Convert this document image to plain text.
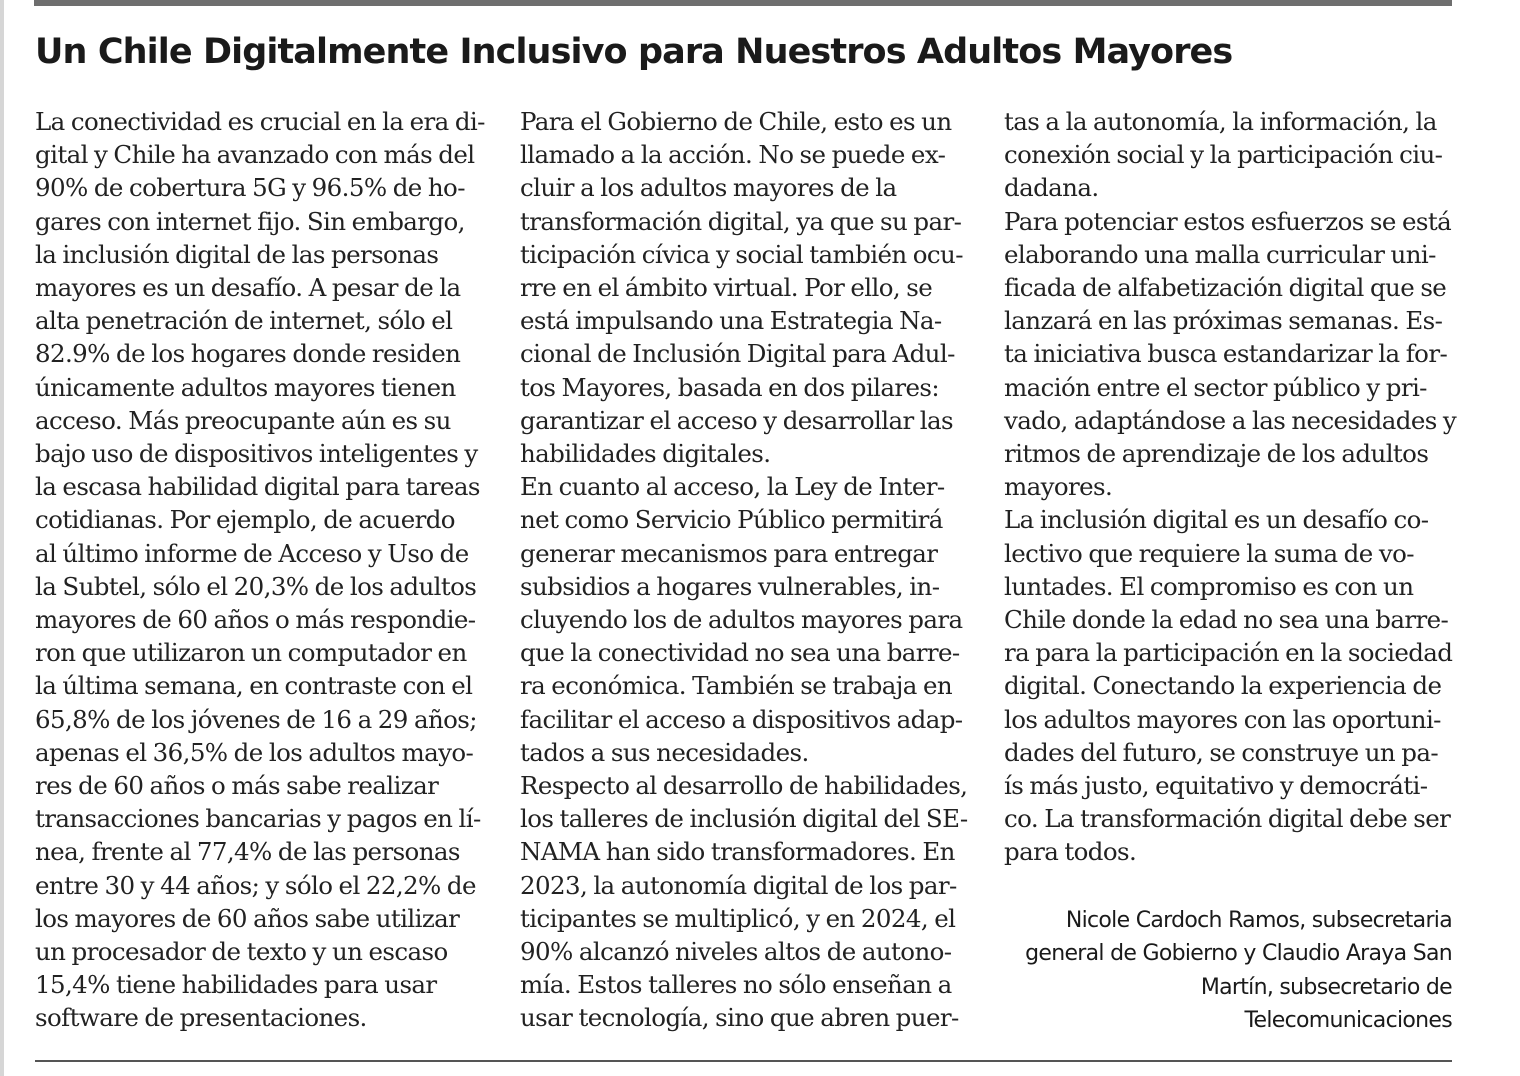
Un Chile Digitalmente Inclusivo para Nuestros Adultos Mayores

La conectividad es crucial en la era di-

gital y Chile ha avanzado con más del

90% de cobertura 5G y 96.5% de ho-

gares con internet fijo. Sin embargo,

la inclusión digital de las personas

mayores es un desafío. A pesar de la

alta penetración de internet, sólo el

82.9% de los hogares donde residen

únicamente adultos mayores tienen

acceso. Más preocupante aún es su

bajo uso de dispositivos inteligentes y

la escasa habilidad digital para tareas

cotidianas. Por ejemplo, de acuerdo

al último informe de Acceso y Uso de

la Subtel, sólo el 20,3% de los adultos

mayores de 60 años o más respondie-

ron que utilizaron un computador en

la última semana, en contraste con el

65,8% de los jóvenes de 16 a 29 años;

apenas el 36,5% de los adultos mayo-

res de 60 años o más sabe realizar

transacciones bancarias y pagos en lí-

nea, frente al 77,4% de las personas

entre 30 y 44 años; y sólo el 22,2% de

los mayores de 60 años sabe utilizar

un procesador de texto y un escaso

15,4% tiene habilidades para usar

software de presentaciones.

Para el Gobierno de Chile, esto es un

llamado a la acción. No se puede ex-

cluir a los adultos mayores de la

transformación digital, ya que su par-

ticipación cívica y social también ocu-

rre en el ámbito virtual. Por ello, se

está impulsando una Estrategia Na-

cional de Inclusión Digital para Adul-

tos Mayores, basada en dos pilares:

garantizar el acceso y desarrollar las

habilidades digitales.

En cuanto al acceso, la Ley de Inter-

net como Servicio Público permitirá

generar mecanismos para entregar

subsidios a hogares vulnerables, in-

cluyendo los de adultos mayores para

que la conectividad no sea una barre-

ra económica. También se trabaja en

facilitar el acceso a dispositivos adap-

tados a sus necesidades.

Respecto al desarrollo de habilidades,

los talleres de inclusión digital del SE-

NAMA han sido transformadores. En

2023, la autonomía digital de los par-

ticipantes se multiplicó, y en 2024, el

90% alcanzó niveles altos de autono-

mía. Estos talleres no sólo enseñan a

usar tecnología, sino que abren puer-

tas a la autonomía, la información, la

conexión social y la participación ciu-

dadana.

Para potenciar estos esfuerzos se está

elaborando una malla curricular uni-

ficada de alfabetización digital que se

lanzará en las próximas semanas. Es-

ta iniciativa busca estandarizar la for-

mación entre el sector público y pri-

vado, adaptándose a las necesidades y

ritmos de aprendizaje de los adultos

mayores.

La inclusión digital es un desafío co-

lectivo que requiere la suma de vo-

luntades. El compromiso es con un

Chile donde la edad no sea una barre-

ra para la participación en la sociedad

digital. Conectando la experiencia de

los adultos mayores con las oportuni-

dades del futuro, se construye un pa-

ís más justo, equitativo y democráti-

co. La transformación digital debe ser

para todos.

Nicole Cardoch Ramos, subsecretaria
general de Gobierno y Claudio Araya San
Martín, subsecretario de
Telecomunicaciones
